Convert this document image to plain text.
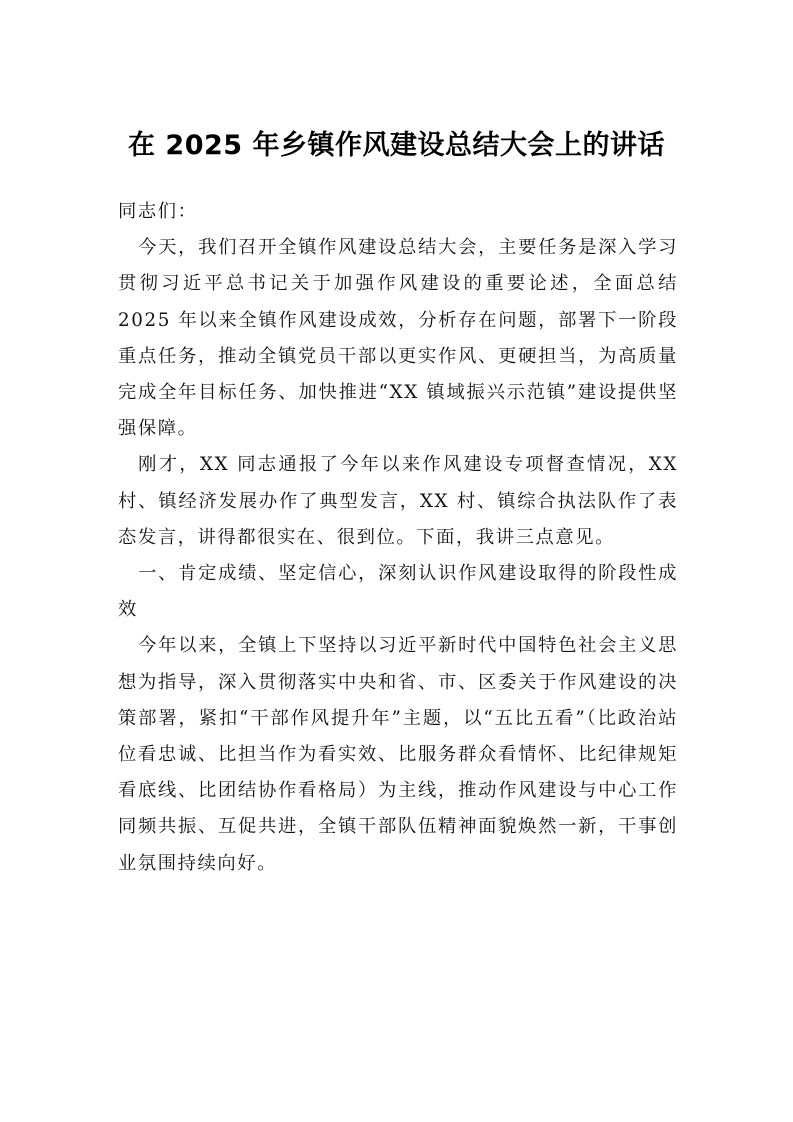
在 2025 年乡镇作风建设总结大会上的讲话

同志们：

今天，我们召开全镇作风建设总结大会，主要任务是深入学习贯彻习近平总书记关于加强作风建设的重要论述，全面总结 2025 年以来全镇作风建设成效，分析存在问题，部署下一阶段重点任务，推动全镇党员干部以更实作风、更硬担当，为高质量完成全年目标任务、加快推进“XX 镇域振兴示范镇”建设提供坚强保障。

刚才，XX 同志通报了今年以来作风建设专项督查情况，XX 村、镇经济发展办作了典型发言，XX 村、镇综合执法队作了表态发言，讲得都很实在、很到位。下面，我讲三点意见。

一、肯定成绩、坚定信心，深刻认识作风建设取得的阶段性成效

今年以来，全镇上下坚持以习近平新时代中国特色社会主义思想为指导，深入贯彻落实中央和省、市、区委关于作风建设的决策部署，紧扣“干部作风提升年”主题，以“五比五看”（比政治站位看忠诚、比担当作为看实效、比服务群众看情怀、比纪律规矩看底线、比团结协作看格局）为主线，推动作风建设与中心工作同频共振、互促共进，全镇干部队伍精神面貌焕然一新，干事创业氛围持续向好。
